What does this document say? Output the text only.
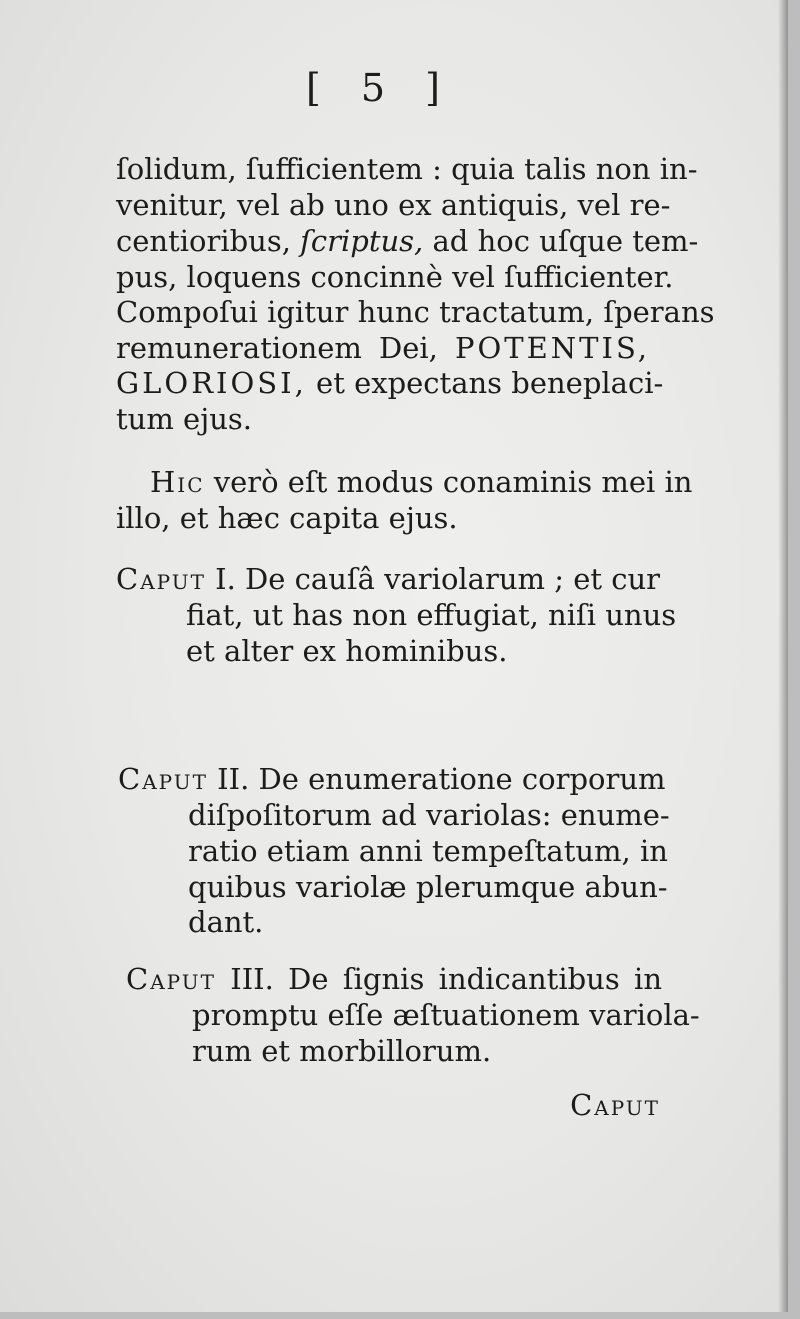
[ 5 ]
ſolidum, ſufficientem : quia talis non in-
venitur, vel ab uno ex antiquis, vel re-
centioribus, ſcriptus, ad hoc uſque tem-
pus, loquens concinnè vel ſufficienter.
Compoſui igitur hunc tractatum, ſperans
remunerationem Dei, POTENTIS,
GLORIOSI, et expectans beneplaci-
tum ejus.
Hic verò eſt modus conaminis mei in
illo, et hæc capita ejus.
Caput I. De cauſâ variolarum ; et cur
fiat, ut has non effugiat, niſi unus
et alter ex hominibus.
Caput II. De enumeratione corporum
diſpoſitorum ad variolas: enume-
ratio etiam anni tempeſtatum, in
quibus variolæ plerumque abun-
dant.
Caput III. De ſignis indicantibus in
promptu eſſe æſtuationem variola-
rum et morbillorum.
Caput
